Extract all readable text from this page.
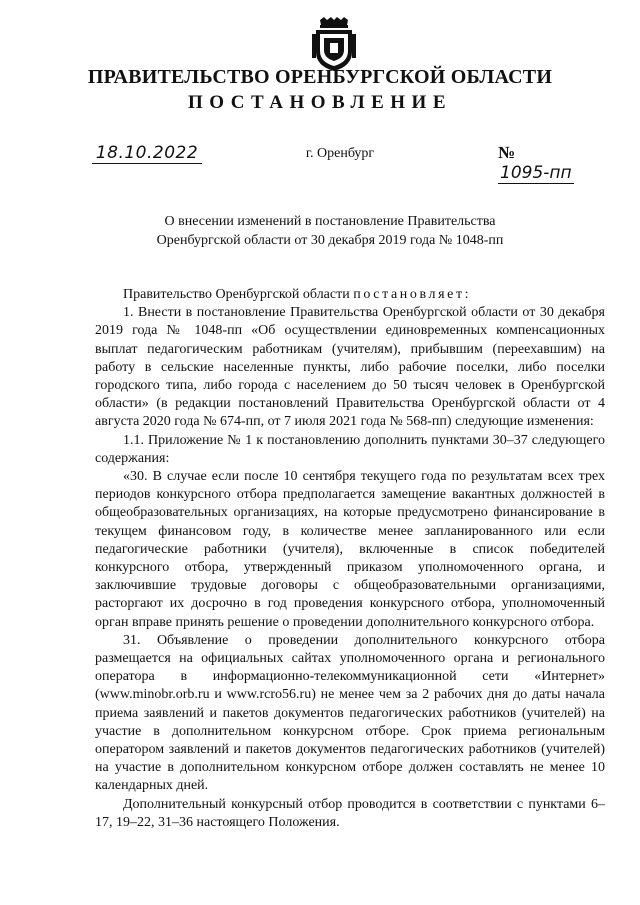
ПРАВИТЕЛЬСТВО ОРЕНБУРГСКОЙ ОБЛАСТИ
ПОСТАНОВЛЕНИЕ
18.10.2022	г. Оренбург	№ 1095-пп

О внесении изменений в постановление Правительства

Оренбургской области от 30 декабря 2019 года № 1048-пп

Правительство Оренбургской области постановляет:

1. Внести в постановление Правительства Оренбургской области от 30 декабря 2019 года № 1048-пп «Об осуществлении единовременных компенсационных выплат педагогическим работникам (учителям), прибывшим (переехавшим) на работу в сельские населенные пункты, либо рабочие поселки, либо поселки городского типа, либо города с населением до 50 тысяч человек в Оренбургской области» (в редакции постановлений Правительства Оренбургской области от 4 августа 2020 года № 674-пп, от 7 июля 2021 года № 568-пп) следующие изменения:

1.1. Приложение № 1 к постановлению дополнить пунктами 30–37 следующего содержания:

«30. В случае если после 10 сентября текущего года по результатам всех трех периодов конкурсного отбора предполагается замещение вакантных должностей в общеобразовательных организациях, на которые предусмотрено финансирование в текущем финансовом году, в количестве менее запланированного или если педагогические работники (учителя), включенные в список победителей конкурсного отбора, утвержденный приказом уполномоченного органа, и заключившие трудовые договоры с общеобразовательными организациями, расторгают их досрочно в год проведения конкурсного отбора, уполномоченный орган вправе принять решение о проведении дополнительного конкурсного отбора.

31. Объявление о проведении дополнительного конкурсного отбора размещается на официальных сайтах уполномоченного органа и регионального оператора в информационно-телекоммуникационной сети «Интернет» (www.minobr.orb.ru и www.rcro56.ru) не менее чем за 2 рабочих дня до даты начала приема заявлений и пакетов документов педагогических работников (учителей) на участие в дополнительном конкурсном отборе. Срок приема региональным оператором заявлений и пакетов документов педагогических работников (учителей) на участие в дополнительном конкурсном отборе должен составлять не менее 10 календарных дней.

Дополнительный конкурсный отбор проводится в соответствии с пунктами 6–17, 19–22, 31–36 настоящего Положения.
